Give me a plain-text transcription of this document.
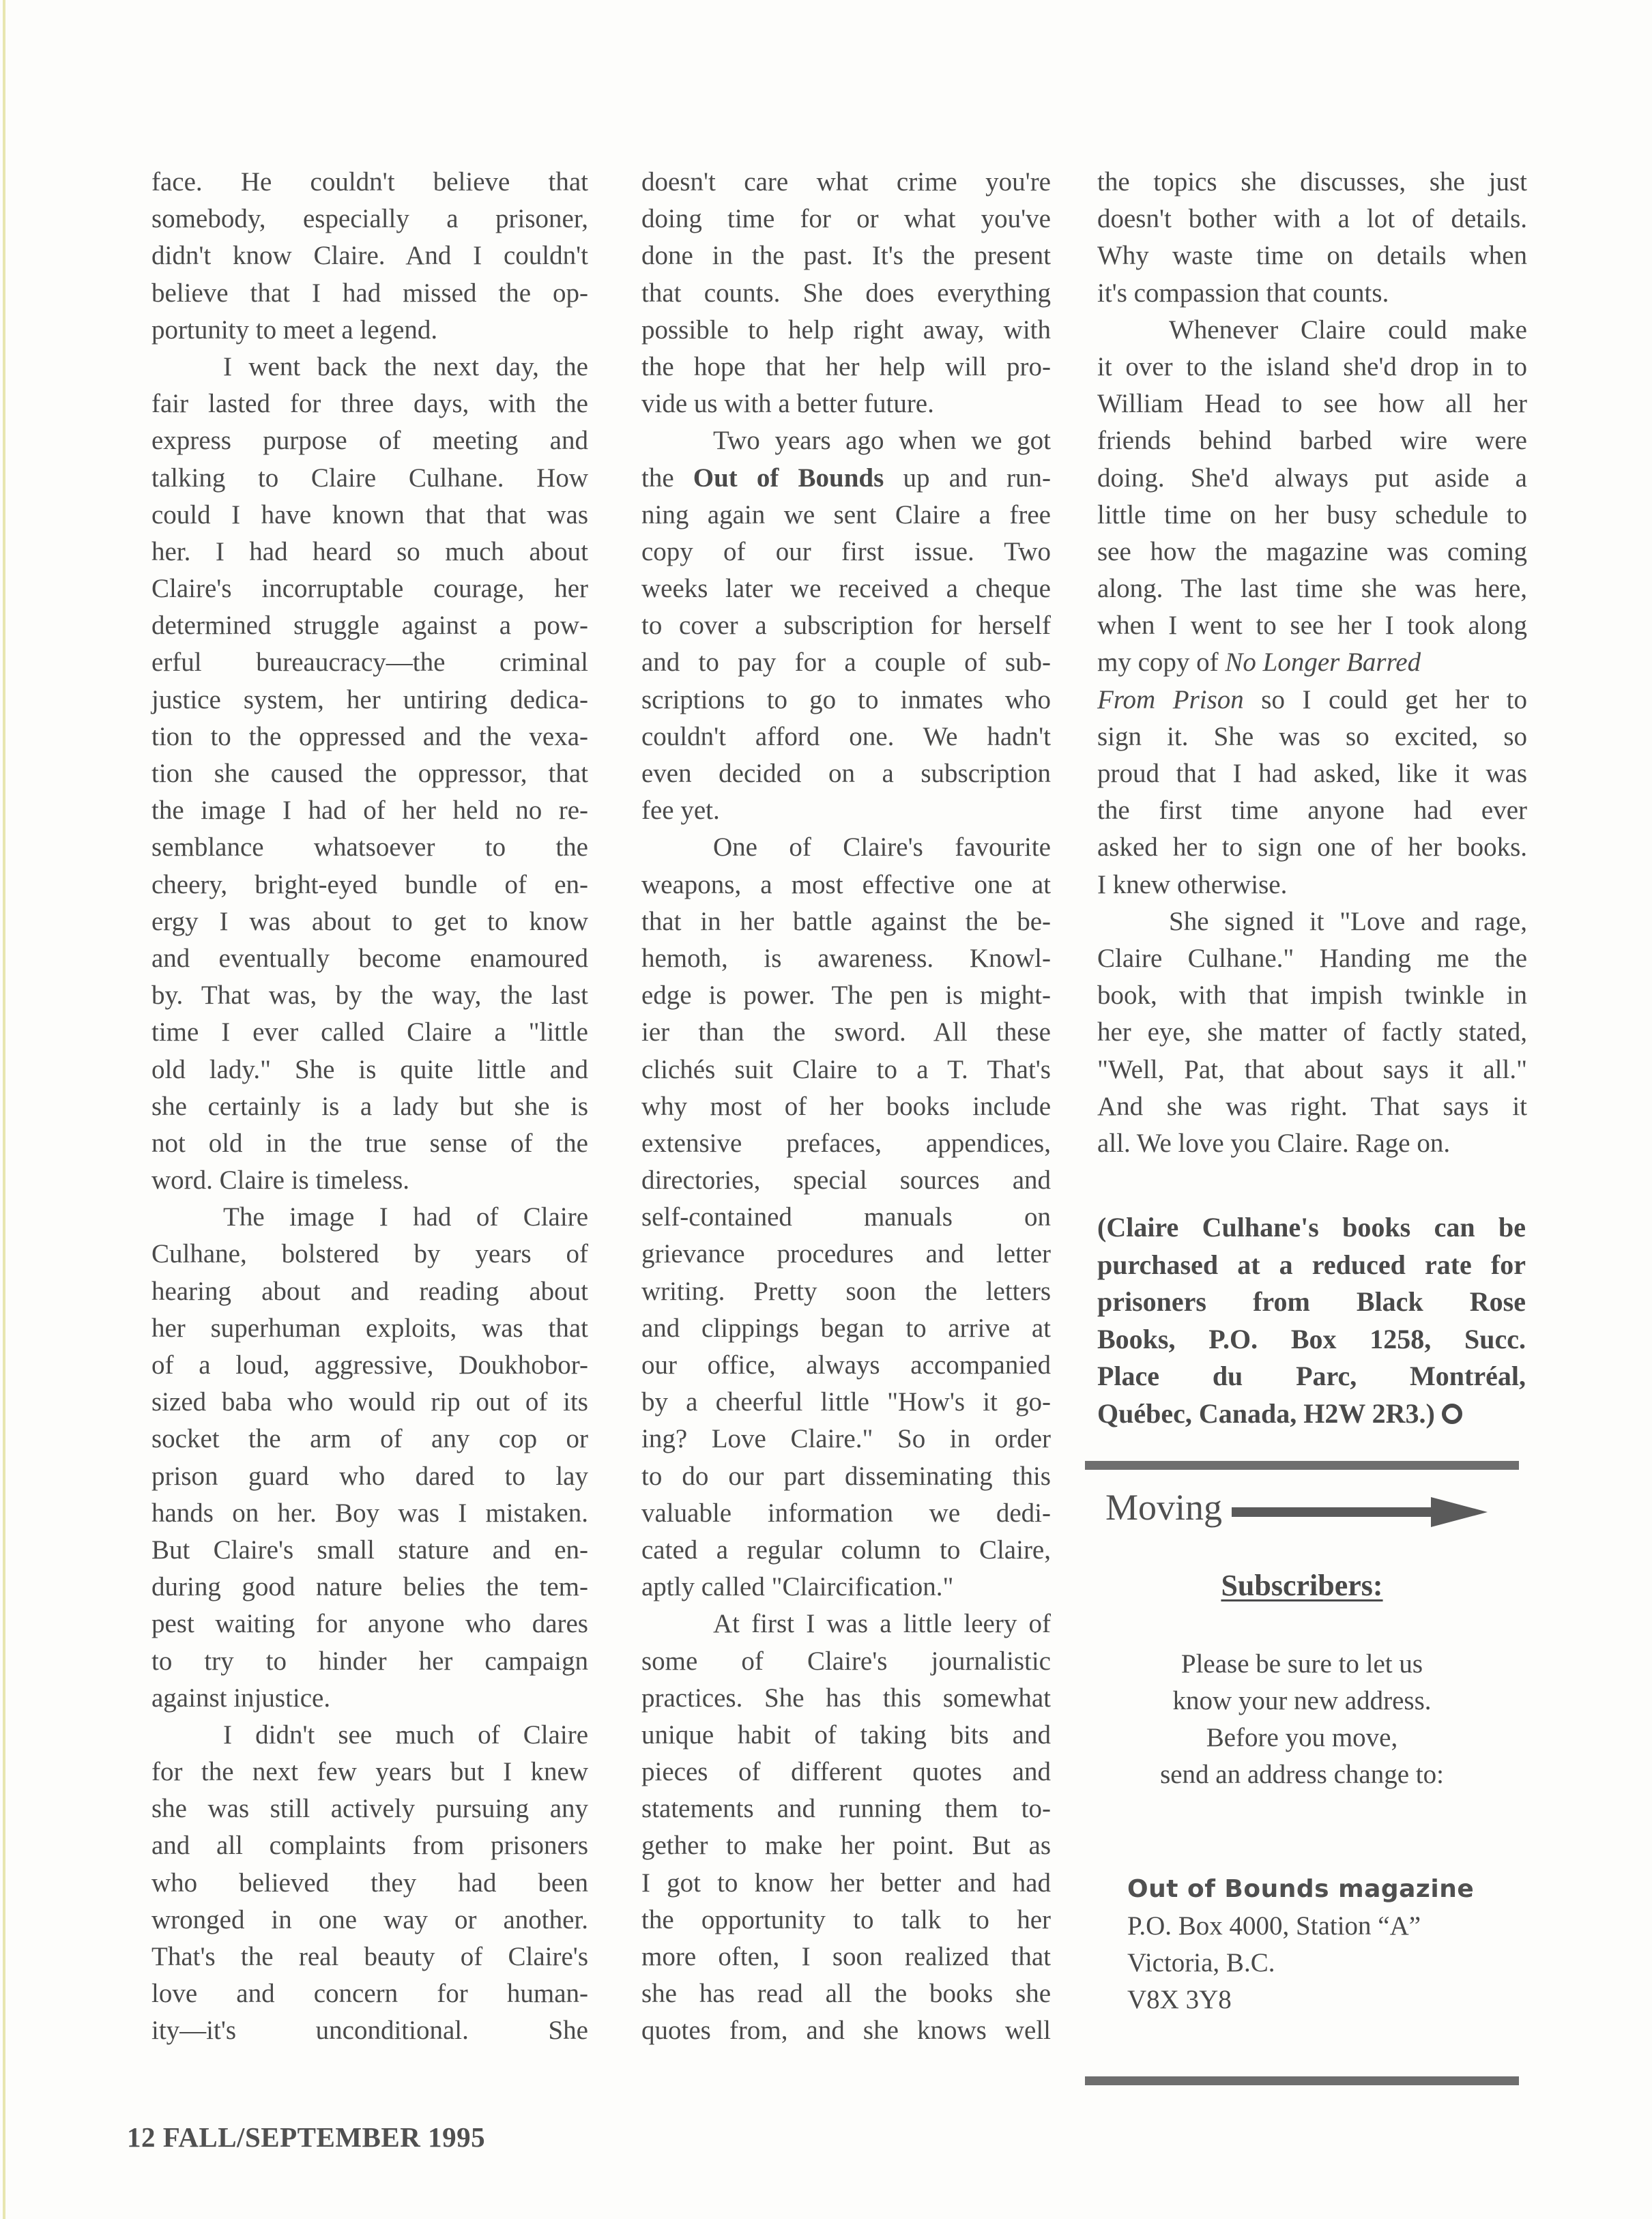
face. He couldn't believe that
somebody, especially a prisoner,
didn't know Claire. And I couldn't
believe that I had missed the op-
portunity to meet a legend.
I went back the next day, the
fair lasted for three days, with the
express purpose of meeting and
talking to Claire Culhane. How
could I have known that that was
her. I had heard so much about
Claire's incorruptable courage, her
determined struggle against a pow-
erful bureaucracy—the criminal
justice system, her untiring dedica-
tion to the oppressed and the vexa-
tion she caused the oppressor, that
the image I had of her held no re-
semblance whatsoever to the
cheery, bright-eyed bundle of en-
ergy I was about to get to know
and eventually become enamoured
by. That was, by the way, the last
time I ever called Claire a "little
old lady." She is quite little and
she certainly is a lady but she is
not old in the true sense of the
word. Claire is timeless.
The image I had of Claire
Culhane, bolstered by years of
hearing about and reading about
her superhuman exploits, was that
of a loud, aggressive, Doukhobor-
sized baba who would rip out of its
socket the arm of any cop or
prison guard who dared to lay
hands on her. Boy was I mistaken.
But Claire's small stature and en-
during good nature belies the tem-
pest waiting for anyone who dares
to try to hinder her campaign
against injustice.
I didn't see much of Claire
for the next few years but I knew
she was still actively pursuing any
and all complaints from prisoners
who believed they had been
wronged in one way or another.
That's the real beauty of Claire's
love and concern for human-
ity—it's unconditional. She
doesn't care what crime you're
doing time for or what you've
done in the past. It's the present
that counts. She does everything
possible to help right away, with
the hope that her help will pro-
vide us with a better future.
Two years ago when we got
the Out of Bounds up and run-
ning again we sent Claire a free
copy of our first issue. Two
weeks later we received a cheque
to cover a subscription for herself
and to pay for a couple of sub-
scriptions to go to inmates who
couldn't afford one. We hadn't
even decided on a subscription
fee yet.
One of Claire's favourite
weapons, a most effective one at
that in her battle against the be-
hemoth, is awareness. Knowl-
edge is power. The pen is might-
ier than the sword. All these
clichés suit Claire to a T. That's
why most of her books include
extensive prefaces, appendices,
directories, special sources and
self-contained manuals on
grievance procedures and letter
writing. Pretty soon the letters
and clippings began to arrive at
our office, always accompanied
by a cheerful little "How's it go-
ing? Love Claire." So in order
to do our part disseminating this
valuable information we dedi-
cated a regular column to Claire,
aptly called "Claircification."
At first I was a little leery of
some of Claire's journalistic
practices. She has this somewhat
unique habit of taking bits and
pieces of different quotes and
statements and running them to-
gether to make her point. But as
I got to know her better and had
the opportunity to talk to her
more often, I soon realized that
she has read all the books she
quotes from, and she knows well
the topics she discusses, she just
doesn't bother with a lot of details.
Why waste time on details when
it's compassion that counts.
Whenever Claire could make
it over to the island she'd drop in to
William Head to see how all her
friends behind barbed wire were
doing. She'd always put aside a
little time on her busy schedule to
see how the magazine was coming
along. The last time she was here,
when I went to see her I took along
my copy of No Longer Barred
From Prison so I could get her to
sign it. She was so excited, so
proud that I had asked, like it was
the first time anyone had ever
asked her to sign one of her books.
I knew otherwise.
She signed it "Love and rage,
Claire Culhane." Handing me the
book, with that impish twinkle in
her eye, she matter of factly stated,
"Well, Pat, that about says it all."
And she was right. That says it
all. We love you Claire. Rage on.
(Claire Culhane's books can be
purchased at a reduced rate for
prisoners from Black Rose
Books, P.O. Box 1258, Succ.
Place du Parc, Montréal,
Québec, Canada, H2W 2R3.)
Moving
Subscribers:
Please be sure to let us
know your new address.
Before you move,
send an address change to:
Out of Bounds magazine
P.O. Box 4000, Station “A”
Victoria, B.C.
V8X 3Y8
12 FALL/SEPTEMBER 1995
